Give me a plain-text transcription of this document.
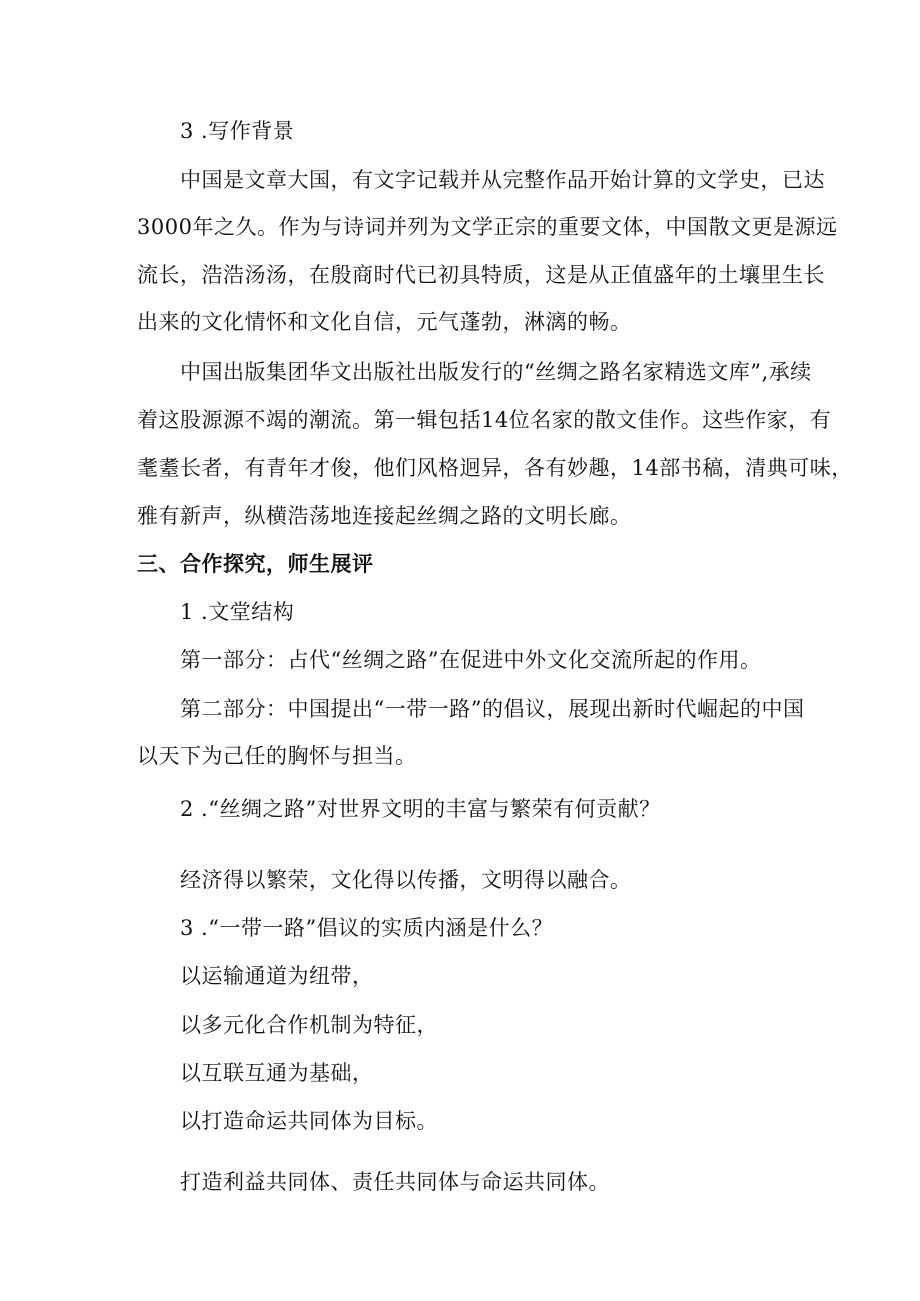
3 .写作背景
中国是文章大国，有文字记载并从完整作品开始计算的文学史，已达
3000年之久。作为与诗词并列为文学正宗的重要文体，中国散文更是源远
流长，浩浩汤汤，在殷商时代已初具特质，这是从正值盛年的土壤里生长
出来的文化情怀和文化自信，元气蓬勃，淋漓的畅。
中国出版集团华文出版社出版发行的“丝绸之路名家精选文库”,承续
着这股源源不竭的潮流。第一辑包括14位名家的散文佳作。这些作家，有
耄耋长者，有青年才俊，他们风格迥异，各有妙趣，14部书稿，清典可味，
雅有新声，纵横浩荡地连接起丝绸之路的文明长廊。
三、合作探究，师生展评
1 .文堂结构
第一部分：占代“丝绸之路”在促进中外文化交流所起的作用。
第二部分：中国提出“一带一路”的倡议，展现出新时代崛起的中国
以天下为己任的胸怀与担当。
2 .“丝绸之路”对世界文明的丰富与繁荣有何贡献？
经济得以繁荣，文化得以传播，文明得以融合。
3 .“一带一路”倡议的实质内涵是什么？
以运输通道为纽带，
以多元化合作机制为特征，
以互联互通为基础，
以打造命运共同体为目标。
打造利益共同体、责任共同体与命运共同体。
